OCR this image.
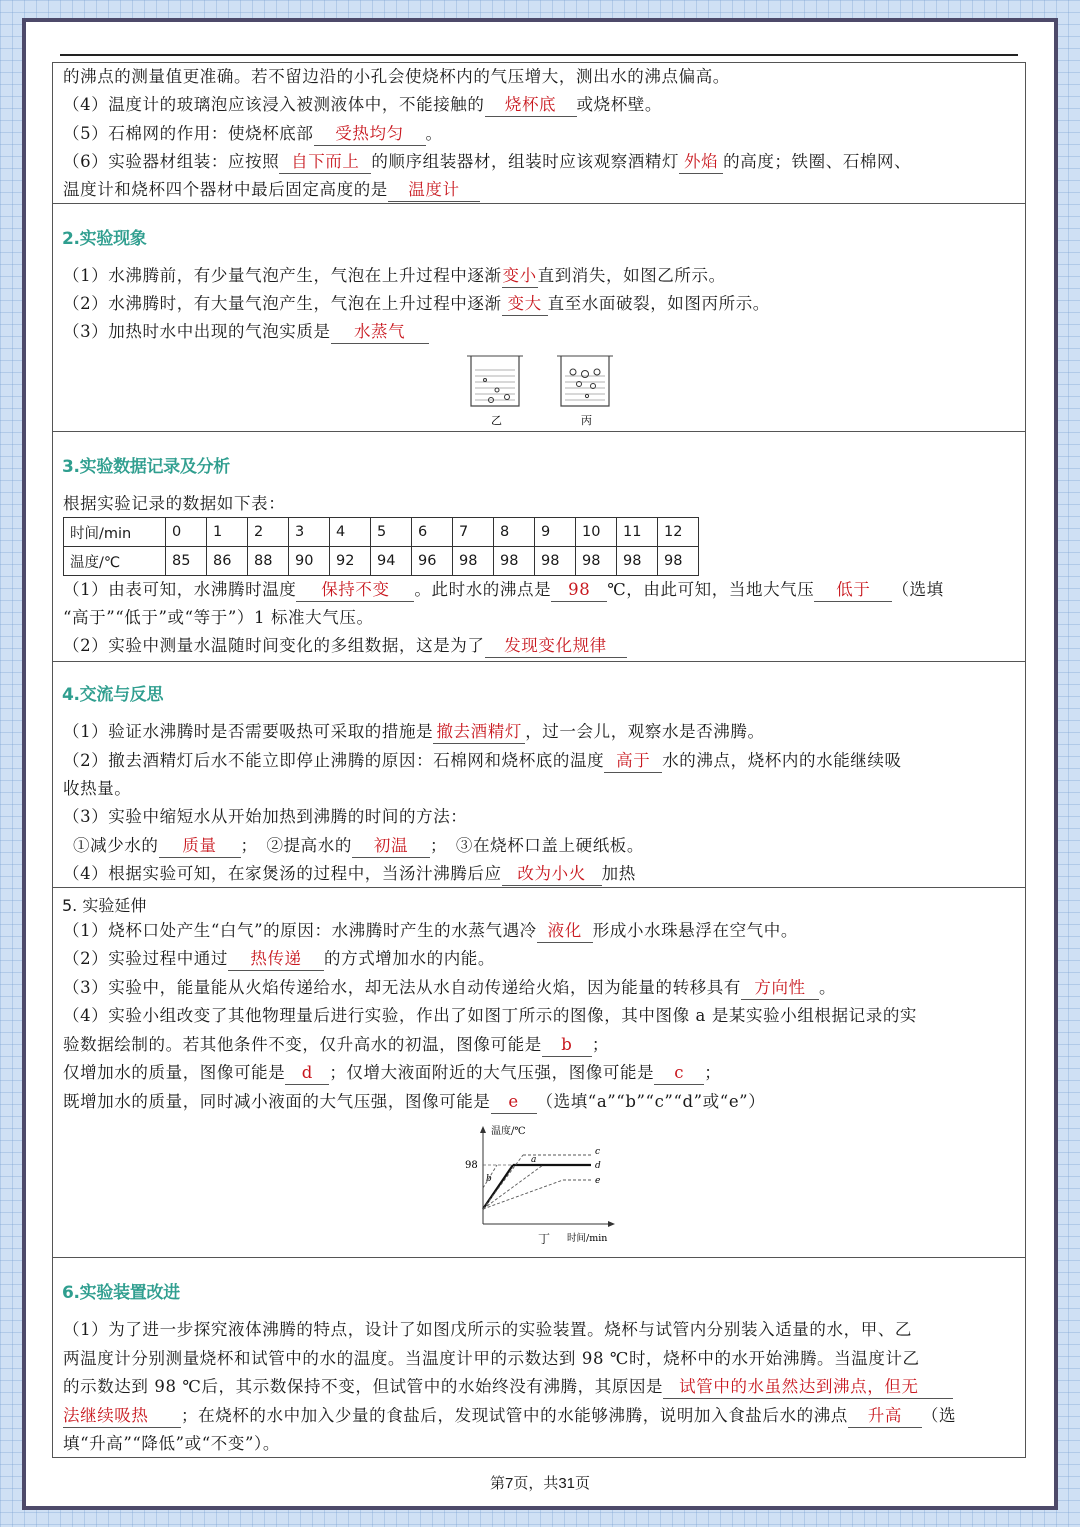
的沸点的测量值更准确。若不留边沿的小孔会使烧杯内的气压增大，测出水的沸点偏高。
（4）温度计的玻璃泡应该浸入被测液体中，不能接触的 烧杯底 或烧杯壁。
（5）石棉网的作用：使烧杯底部 受热均匀 。
（6）实验器材组装：应按照 自下而上 的顺序组装器材，组装时应该观察酒精灯 外焰 的高度；铁圈、石棉网、
温度计和烧杯四个器材中最后固定高度的是 温度计
2.实验现象
（1）水沸腾前，有少量气泡产生，气泡在上升过程中逐渐变小直到消失，如图乙所示。
（2）水沸腾时，有大量气泡产生，气泡在上升过程中逐渐 变大 直至水面破裂，如图丙所示。
（3）加热时水中出现的气泡实质是 水蒸气
乙	丙
3.实验数据记录及分析
根据实验记录的数据如下表：
时间/min	0	1	2	3	4	5	6	7	8	9	10	11	12
温度/℃	85	86	88	90	92	94	96	98	98	98	98	98	98
（1）由表可知，水沸腾时温度 保持不变 。此时水的沸点是 98 ℃，由此可知，当地大气压 低于 （选填
“高于”“低于”或“等于”）1 标准大气压。
（2）实验中测量水温随时间变化的多组数据，这是为了 发现变化规律
4.交流与反思
（1）验证水沸腾时是否需要吸热可采取的措施是 撤去酒精灯 ，过一会儿，观察水是否沸腾。
（2）撤去酒精灯后水不能立即停止沸腾的原因：石棉网和烧杯底的温度 高于 水的沸点，烧杯内的水能继续吸
收热量。
（3）实验中缩短水从开始加热到沸腾的时间的方法：
①减少水的 质量 ；　②提高水的 初温 ；　③在烧杯口盖上硬纸板。
（4）根据实验可知，在家煲汤的过程中，当汤汁沸腾后应 改为小火 加热
5. 实验延伸
（1）烧杯口处产生“白气”的原因：水沸腾时产生的水蒸气遇冷 液化 形成小水珠悬浮在空气中。
（2）实验过程中通过 热传递 的方式增加水的内能。
（3）实验中，能量能从火焰传递给水，却无法从水自动传递给火焰，因为能量的转移具有 方向性 。
（4）实验小组改变了其他物理量后进行实验，作出了如图丁所示的图像，其中图像 a 是某实验小组根据记录的实
验数据绘制的。若其他条件不变，仅升高水的初温，图像可能是 b ；
仅增加水的质量，图像可能是 d ；仅增大液面附近的大气压强，图像可能是 c ；
既增加水的质量，同时减小液面的大气压强，图像可能是 e （选填“a”“b”“c”“d”或“e”）
温度/℃
时间/min
98	a
b
c
d
e
丁
6.实验装置改进
（1）为了进一步探究液体沸腾的特点，设计了如图戊所示的实验装置。烧杯与试管内分别装入适量的水，甲、乙
两温度计分别测量烧杯和试管中的水的温度。当温度计甲的示数达到 98 ℃时，烧杯中的水开始沸腾。当温度计乙
的示数达到 98 ℃后，其示数保持不变，但试管中的水始终没有沸腾，其原因是 试管中的水虽然达到沸点，但无
法继续吸热 ；在烧杯的水中加入少量的食盐后，发现试管中的水能够沸腾，说明加入食盐后水的沸点 升高 （选
填“升高”“降低”或“不变”）。
第7页，共31页
